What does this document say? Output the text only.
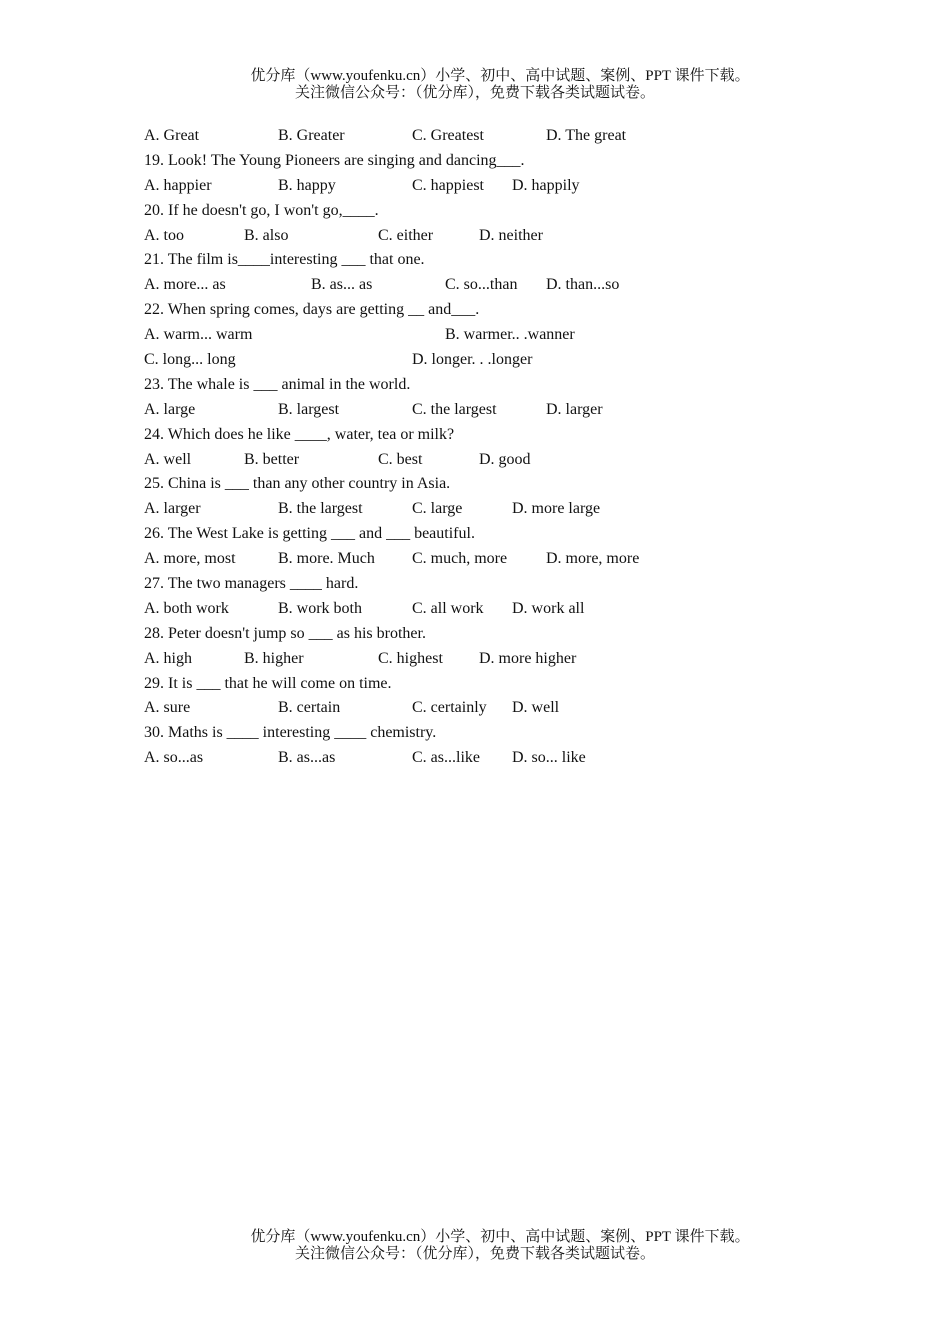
优分库（www.youfenku.cn）小学、初中、高中试题、案例、PPT 课件下载。
关注微信公众号：（优分库），免费下载各类试题试卷。
A. Great	B. Greater	C. Greatest	D. The great
19. Look! The Young Pioneers are singing and dancing___.
A. happier	B. happy	C. happiest D. happily
20. If he doesn't go, I won't go,____.
A. too	B. also	C. either	D. neither
21. The film is____interesting ___ that one.
A. more... as	B. as... as	C. so...than D. than...so
22. When spring comes, days are getting __ and___.
A. warm... warm	B. warmer.. .wanner
C. long... long	D. longer. . .longer
23. The whale is ___ animal in the world.
A. large	B. largest	C. the largest	D. larger
24. Which does he like ____, water, tea or milk?
A. well	B. better	C. best	D. good
25. China is ___ than any other country in Asia.
A. larger	B. the largest	C. large	D. more large
26. The West Lake is getting ___ and ___ beautiful.
A. more, most	B. more. Much C. much, more D. more, more
27. The two managers ____ hard.
A. both work	B. work both	C. all work D. work all
28. Peter doesn't jump so ___ as his brother.
A. high	B. higher	C. highest D. more higher
29. It is ___ that he will come on time.
A. sure	B. certain	C. certainly D. well
30. Maths is ____ interesting ____ chemistry.
A. so...as	B. as...as	C. as...like D. so... like
优分库（www.youfenku.cn）小学、初中、高中试题、案例、PPT 课件下载。
关注微信公众号：（优分库），免费下载各类试题试卷。
